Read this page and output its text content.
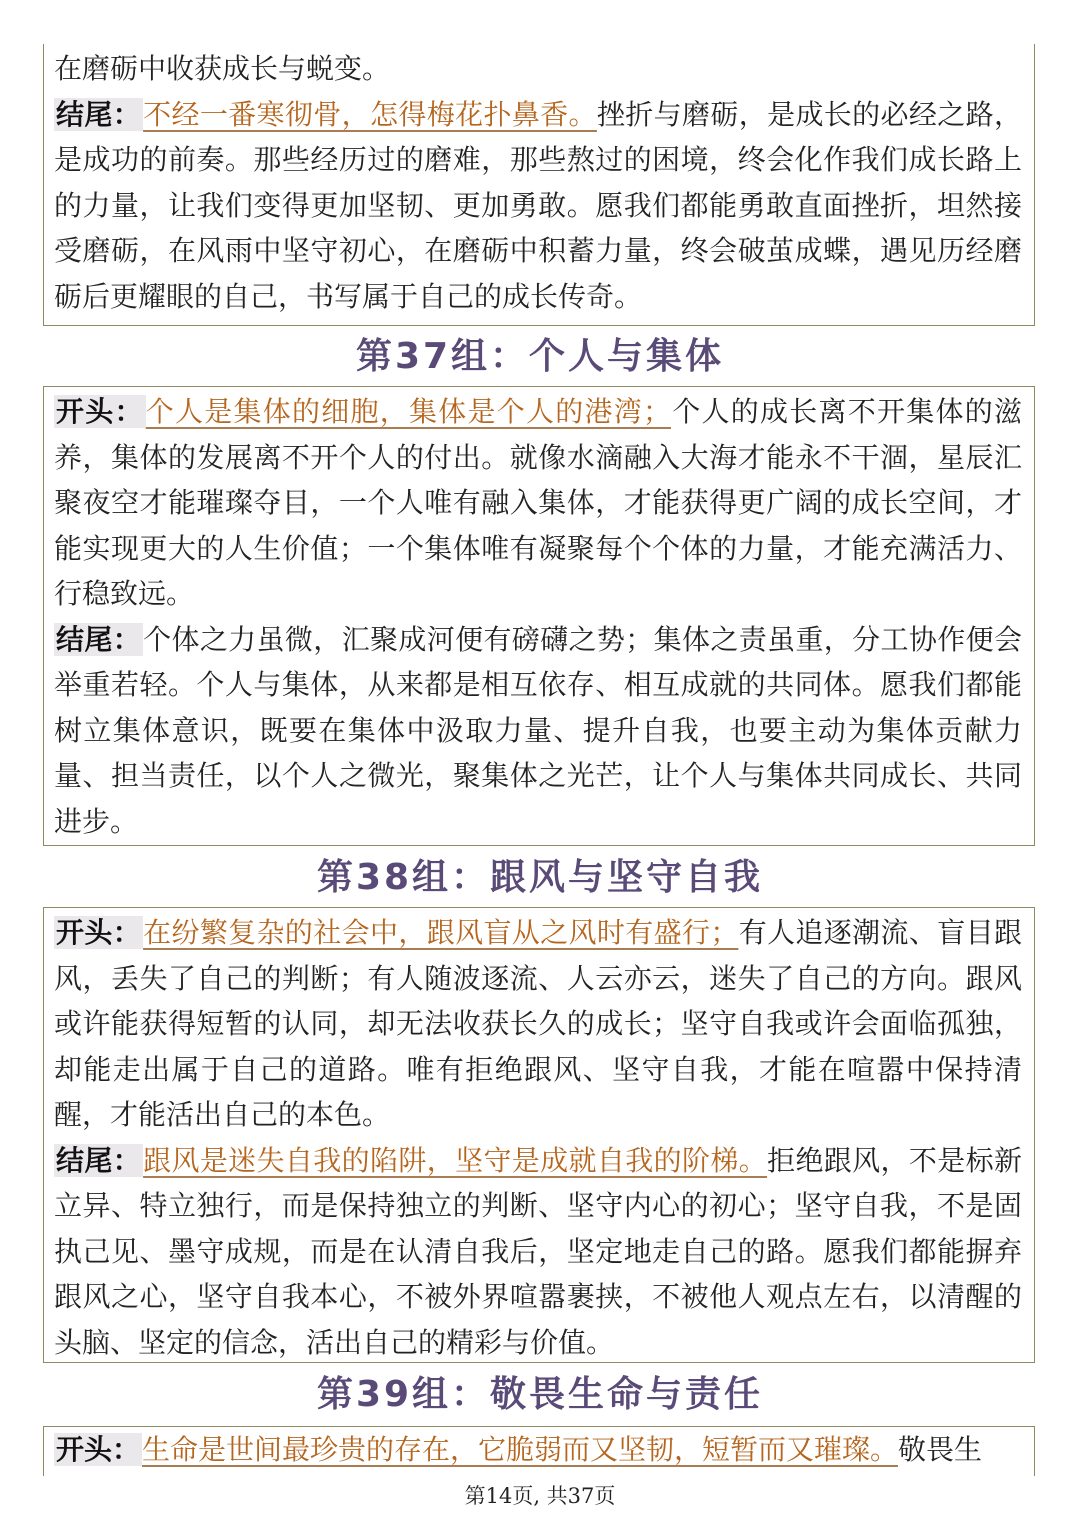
在磨砺中收获成长与蜕变。

结尾：不经一番寒彻骨，怎得梅花扑鼻香。挫折与磨砺，是成长的必经之路，是成功的前奏。那些经历过的磨难，那些熬过的困境，终会化作我们成长路上的力量，让我们变得更加坚韧、更加勇敢。愿我们都能勇敢直面挫折，坦然接受磨砺，在风雨中坚守初心，在磨砺中积蓄力量，终会破茧成蝶，遇见历经磨砺后更耀眼的自己，书写属于自己的成长传奇。

第37组：个人与集体

开头：个人是集体的细胞，集体是个人的港湾；个人的成长离不开集体的滋养，集体的发展离不开个人的付出。就像水滴融入大海才能永不干涸，星辰汇聚夜空才能璀璨夺目，一个人唯有融入集体，才能获得更广阔的成长空间，才能实现更大的人生价值；一个集体唯有凝聚每个个体的力量，才能充满活力、行稳致远。

结尾：个体之力虽微，汇聚成河便有磅礴之势；集体之责虽重，分工协作便会举重若轻。个人与集体，从来都是相互依存、相互成就的共同体。愿我们都能树立集体意识，既要在集体中汲取力量、提升自我，也要主动为集体贡献力量、担当责任，以个人之微光，聚集体之光芒，让个人与集体共同成长、共同进步。

第38组：跟风与坚守自我

开头：在纷繁复杂的社会中，跟风盲从之风时有盛行；有人追逐潮流、盲目跟风，丢失了自己的判断；有人随波逐流、人云亦云，迷失了自己的方向。跟风或许能获得短暂的认同，却无法收获长久的成长；坚守自我或许会面临孤独，却能走出属于自己的道路。唯有拒绝跟风、坚守自我，才能在喧嚣中保持清醒，才能活出自己的本色。

结尾：跟风是迷失自我的陷阱，坚守是成就自我的阶梯。拒绝跟风，不是标新立异、特立独行，而是保持独立的判断、坚守内心的初心；坚守自我，不是固执己见、墨守成规，而是在认清自我后，坚定地走自己的路。愿我们都能摒弃跟风之心，坚守自我本心，不被外界喧嚣裹挟，不被他人观点左右，以清醒的头脑、坚定的信念，活出自己的精彩与价值。

第39组：敬畏生命与责任

开头：生命是世间最珍贵的存在，它脆弱而又坚韧，短暂而又璀璨。敬畏生

第14页, 共37页
